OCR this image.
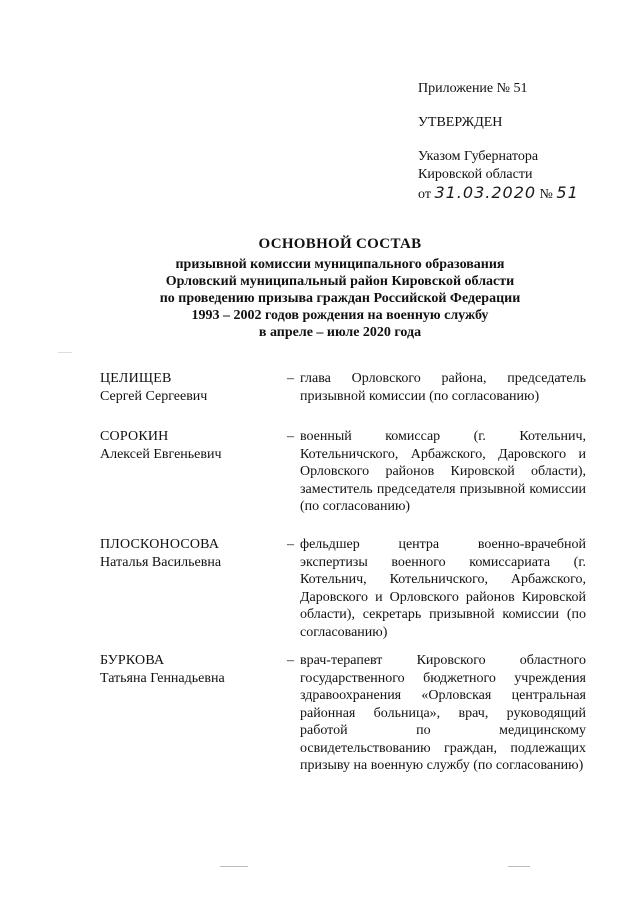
Приложение № 51
УТВЕРЖДЕН
Указом Губернатора
Кировской области
от 31.03.2020 № 51
ОСНОВНОЙ СОСТАВ
призывной комиссии муниципального образования
Орловский муниципальный район Кировской области
по проведению призыва граждан Российской Федерации
1993 – 2002 годов рождения на военную службу
в апреле – июле 2020 года
ЦЕЛИЩЕВ
Сергей Сергеевич
– глава Орловского района, председатель призывной комиссии (по согласованию)
СОРОКИН
Алексей Евгеньевич
– военный комиссар (г. Котельнич, Котельничского, Арбажского, Даровского и Орловского районов Кировской области), заместитель председателя призывной комиссии (по согласованию)
ПЛОСКОНОСОВА
Наталья Васильевна
– фельдшер центра военно-врачебной экспертизы военного комиссариата (г. Котельнич, Котельничского, Арбажского, Даровского и Орловского районов Кировской области), секретарь призывной комиссии (по согласованию)
БУРКОВА
Татьяна Геннадьевна
– врач-терапевт Кировского областного государственного бюджетного учреждения здравоохранения «Орловская центральная районная больница», врач, руководящий работой по медицинскому освидетельствованию граждан, подлежащих призыву на военную службу (по согласованию)
